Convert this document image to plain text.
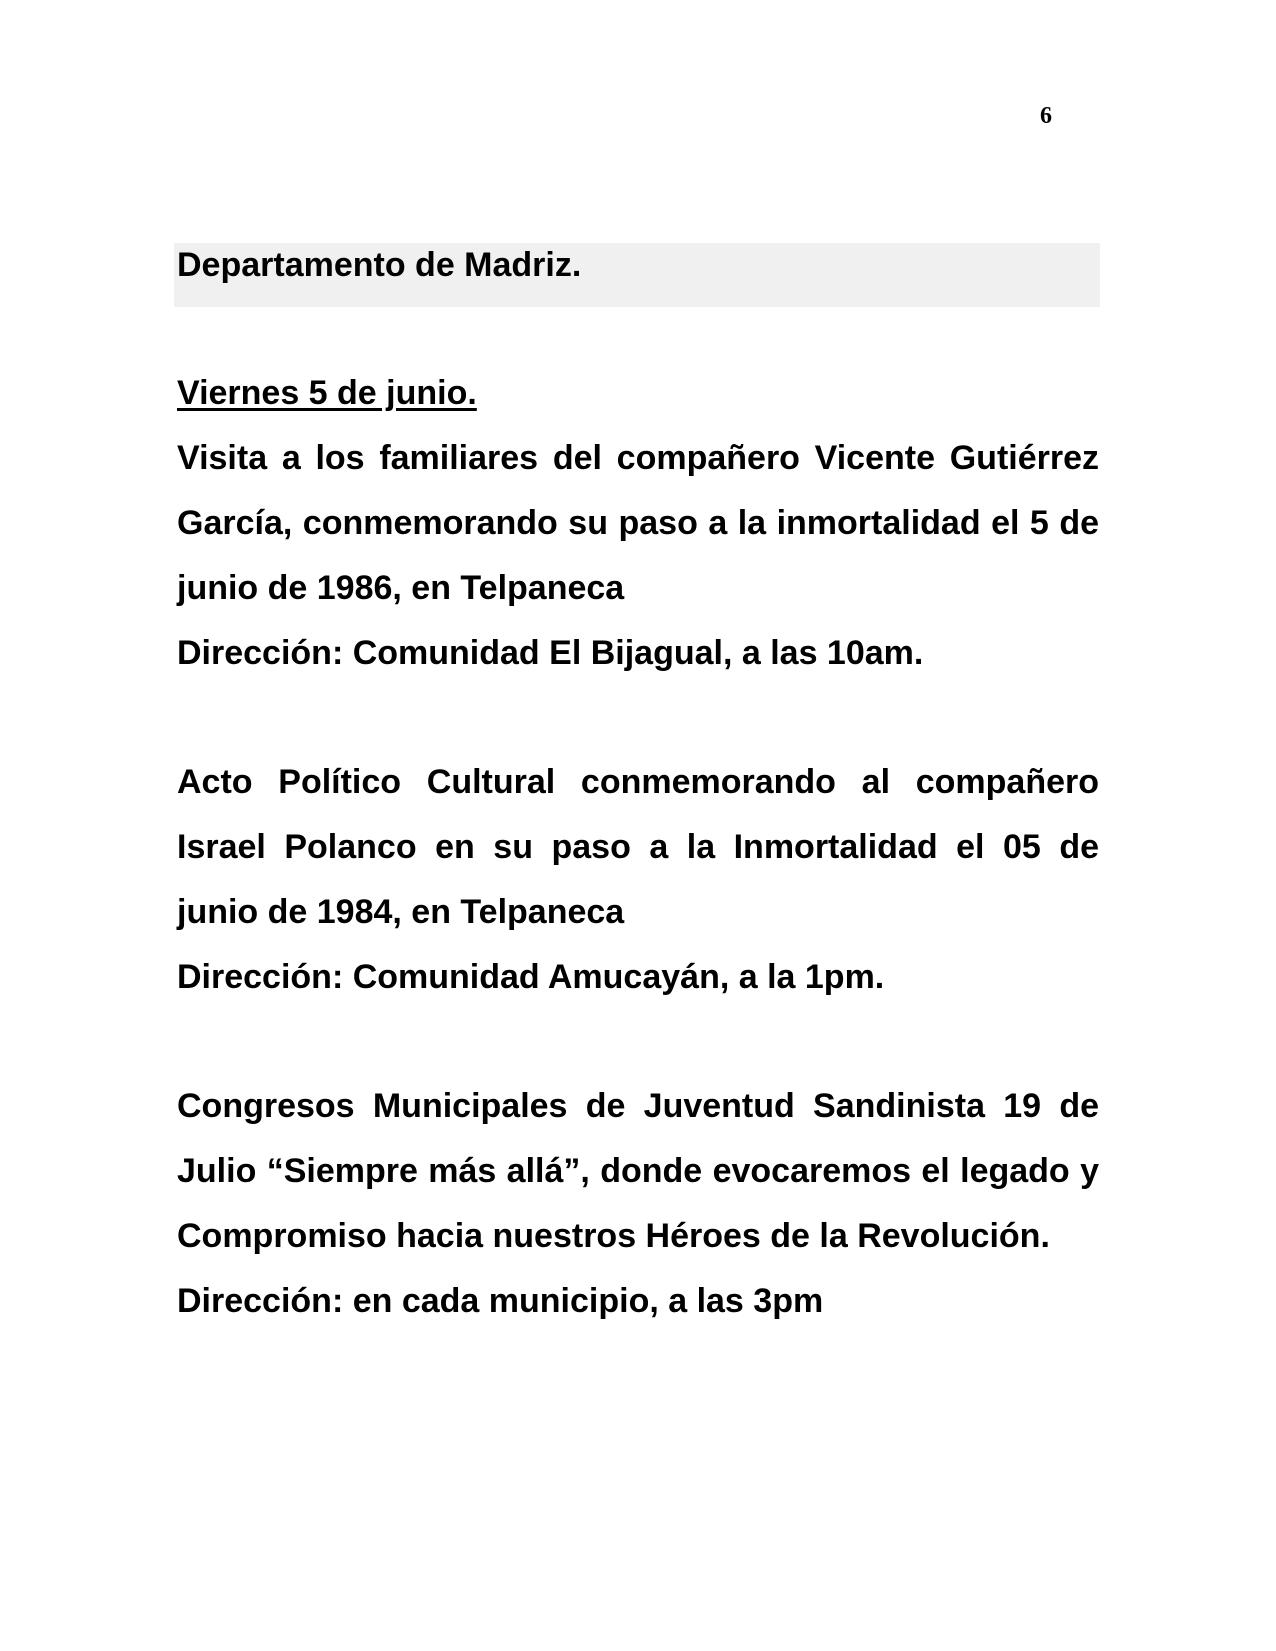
6
Departamento de Madriz.
Viernes 5 de junio.

Visita a los familiares del compañero Vicente Gutiérrez García, conmemorando su paso a la inmortalidad el 5 de junio de 1986, en Telpaneca

Dirección: Comunidad El Bijagual, a las 10am.

Acto Político Cultural conmemorando al compañero Israel Polanco en su paso a la Inmortalidad el 05 de junio de 1984, en Telpaneca

Dirección: Comunidad Amucayán, a la 1pm.

Congresos Municipales de Juventud Sandinista 19 de Julio “Siempre más allá”, donde evocaremos el legado y Compromiso hacia nuestros Héroes de la Revolución.

Dirección: en cada municipio, a las 3pm
